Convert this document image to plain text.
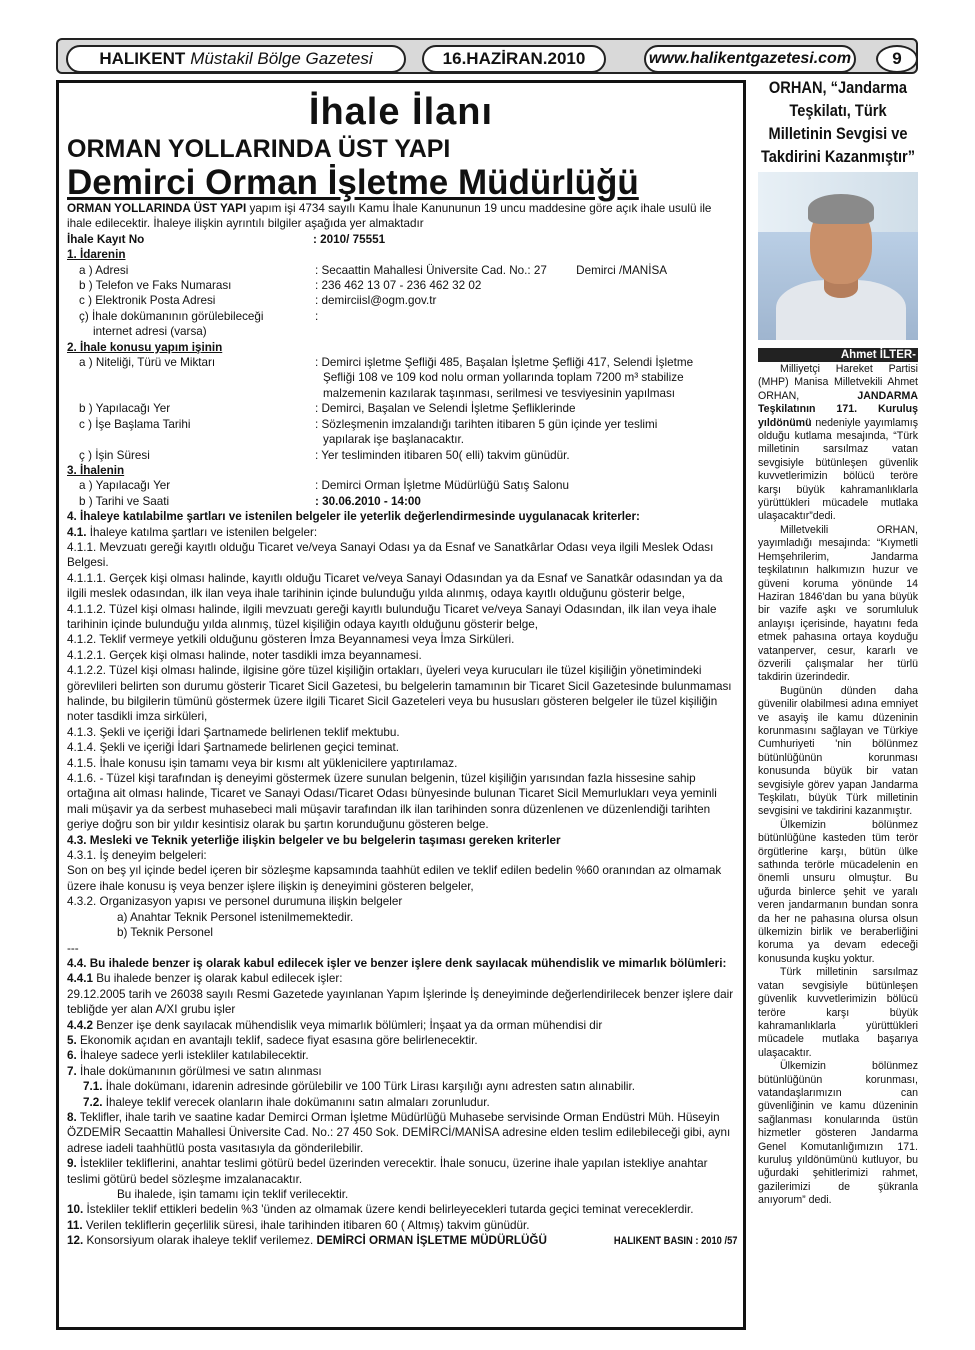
HALIKENT Müstakil Bölge Gazetesi	16.HAZİRAN.2010	www.halikentgazetesi.com	9
İhale İlanı
ORMAN YOLLARINDA ÜST YAPI
Demirci Orman İşletme Müdürlüğü

ORMAN YOLLARINDA ÜST YAPI yapım işi 4734 sayılı Kamu İhale Kanununun 19 uncu maddesine göre açık ihale usulü ile ihale edilecektir. İhaleye ilişkin ayrıntılı bilgiler aşağıda yer almaktadır

İhale Kayıt No	: 2010/ 75551
1. İdarenin
a ) Adresi	: Secaattin Mahallesi Üniversite Cad. No.: 27         Demirci /MANİSA
b ) Telefon ve Faks Numarası	: 236 462 13 07 - 236 462 32 02
c ) Elektronik Posta Adresi	: demirciisl@ogm.gov.tr
ç) İhale dokümanının görülebileceği	:
internet adresi (varsa)
2. İhale konusu yapım işinin
a ) Niteliği, Türü ve Miktarı	: Demirci işletme Şefliği 485, Başalan İşletme Şefliği 417, Selendi İşletme
Şefliği 108 ve 109 kod nolu orman yollarında toplam 7200 m³ stabilize
malzemenin kazılarak taşınması, serilmesi ve tesviyesinin yapılması
b ) Yapılacağı Yer	: Demirci, Başalan ve Selendi İşletme Şefliklerinde
c ) İşe Başlama Tarihi	: Sözleşmenin imzalandığı tarihten itibaren 5 gün içinde yer teslimi
yapılarak işe başlanacaktır.
ç ) İşin Süresi	: Yer tesliminden itibaren 50( elli) takvim günüdür.
3. İhalenin
a ) Yapılacağı Yer	: Demirci Orman İşletme Müdürlüğü Satış Salonu
b ) Tarihi ve Saati	: 30.06.2010 - 14:00
4. İhaleye katılabilme şartları ve istenilen belgeler ile yeterlik değerlendirmesinde uygulanacak kriterler:

4.1. İhaleye katılma şartları ve istenilen belgeler:

4.1.1. Mevzuatı gereği kayıtlı olduğu Ticaret ve/veya Sanayi Odası ya da Esnaf ve Sanatkârlar Odası veya ilgili Meslek Odası Belgesi.

4.1.1.1. Gerçek kişi olması halinde, kayıtlı olduğu Ticaret ve/veya Sanayi Odasından ya da Esnaf ve Sanatkâr odasından ya da ilgili meslek odasından, ilk ilan veya ihale tarihinin içinde bulunduğu yılda alınmış, odaya kayıtlı olduğunu gösterir belge,

4.1.1.2. Tüzel kişi olması halinde, ilgili mevzuatı gereği kayıtlı bulunduğu Ticaret ve/veya Sanayi Odasından, ilk ilan veya ihale tarihinin içinde bulunduğu yılda alınmış, tüzel kişiliğin odaya kayıtlı olduğunu gösterir belge,

4.1.2. Teklif vermeye yetkili olduğunu gösteren İmza Beyannamesi veya İmza Sirküleri.

4.1.2.1. Gerçek kişi olması halinde, noter tasdikli imza beyannamesi.

4.1.2.2. Tüzel kişi olması halinde, ilgisine göre tüzel kişiliğin ortakları, üyeleri veya kurucuları ile tüzel kişiliğin yönetimindeki görevlileri belirten son durumu gösterir Ticaret Sicil Gazetesi, bu belgelerin tamamının bir Ticaret Sicil Gazetesinde bulunmaması halinde, bu bilgilerin tümünü göstermek üzere ilgili Ticaret Sicil Gazeteleri veya bu hususları gösteren belgeler ile tüzel kişiliğin noter tasdikli imza sirküleri,

4.1.3. Şekli ve içeriği İdari Şartnamede belirlenen teklif mektubu.

4.1.4. Şekli ve içeriği İdari Şartnamede belirlenen geçici teminat.

4.1.5. İhale konusu işin tamamı veya bir kısmı alt yüklenicilere yaptırılamaz.

4.1.6. - Tüzel kişi tarafından iş deneyimi göstermek üzere sunulan belgenin, tüzel kişiliğin yarısından fazla hissesine sahip ortağına ait olması halinde, Ticaret ve Sanayi Odası/Ticaret Odası bünyesinde bulunan Ticaret Sicil Memurlukları veya yeminli mali müşavir ya da serbest muhasebeci mali müşavir tarafından ilk ilan tarihinden sonra düzenlenen ve düzenlendiği tarihten geriye doğru son bir yıldır kesintisiz olarak bu şartın korunduğunu gösteren belge.

4.3. Mesleki ve Teknik yeterliğe ilişkin belgeler ve bu belgelerin taşıması gereken kriterler

4.3.1. İş deneyim belgeleri:

Son on beş yıl içinde bedel içeren bir sözleşme kapsamında taahhüt edilen ve teklif edilen bedelin %60 oranından az olmamak üzere ihale konusu iş veya benzer işlere ilişkin iş deneyimini gösteren belgeler,

4.3.2. Organizasyon yapısı ve personel durumuna ilişkin belgeler

a) Anahtar Teknik Personel istenilmemektedir.

b) Teknik Personel

---

4.4. Bu ihalede benzer iş olarak kabul edilecek işler ve benzer işlere denk sayılacak mühendislik ve mimarlık bölümleri:

4.4.1 Bu ihalede benzer iş olarak kabul edilecek işler:

29.12.2005 tarih ve 26038 sayılı Resmi Gazetede yayınlanan Yapım İşlerinde İş deneyiminde değerlendirilecek benzer işlere dair tebliğde yer alan A/XI grubu işler

4.4.2 Benzer işe denk sayılacak mühendislik veya mimarlık bölümleri; İnşaat ya da orman mühendisi dir

5. Ekonomik açıdan en avantajlı teklif, sadece fiyat esasına göre belirlenecektir.

6. İhaleye sadece yerli istekliler katılabilecektir.

7. İhale dokümanının görülmesi ve satın alınması

7.1. İhale dokümanı, idarenin adresinde görülebilir ve 100 Türk Lirası karşılığı aynı adresten satın alınabilir.

7.2. İhaleye teklif verecek olanların ihale dokümanını satın almaları zorunludur.

8. Teklifler, ihale tarih ve saatine kadar Demirci Orman İşletme Müdürlüğü Muhasebe servisinde Orman Endüstri Müh. Hüseyin ÖZDEMİR Secaattin Mahallesi Üniversite Cad. No.: 27 450 Sok. DEMİRCİ/MANİSA adresine elden teslim edilebileceği gibi, aynı adrese iadeli taahhütlü posta vasıtasıyla da gönderilebilir.

9. İstekliler tekliflerini, anahtar teslimi götürü bedel üzerinden verecektir. İhale sonucu, üzerine ihale yapılan istekliye anahtar teslimi götürü bedel sözleşme imzalanacaktır.

Bu ihalede, işin tamamı için teklif verilecektir.

10. İstekliler teklif ettikleri bedelin %3 'ünden az olmamak üzere kendi belirleyecekleri tutarda geçici teminat vereceklerdir.

11. Verilen tekliflerin geçerlilik süresi, ihale tarihinden itibaren 60 ( Altmış) takvim günüdür.

12. Konsorsiyum olarak ihaleye teklif verilemez. DEMİRCİ ORMAN İŞLETME MÜDÜRLÜĞÜ	HALIKENT BASIN : 2010 /57
ORHAN, “Jandarma Teşkilatı, Türk Milletinin Sevgisi ve Takdirini Kazanmıştır”
Ahmet İLTER-

Milliyetçi Hareket Partisi (MHP) Manisa Milletvekili Ahmet ORHAN, JANDARMA Teşkilatının 171. Kuruluş yıldönümü nedeniyle yayımlamış olduğu kutlama mesajında, “Türk milletinin sarsılmaz vatan sevgisiyle bütünleşen güvenlik kuvvetlerimizin bölücü teröre karşı büyük kahramanlıklarla yürüttükleri mücadele mutlaka ulaşacaktır”dedi.

Milletvekili ORHAN, yayımladığı mesajında: “Kıymetli Hemşehrilerim, Jandarma teşkilatının halkımızın huzur ve güveni koruma yönünde 14 Haziran 1846'dan bu yana büyük bir vazife aşkı ve sorumluluk anlayışı içerisinde, hayatını feda etmek pahasına ortaya koyduğu vatanperver, cesur, kararlı ve özverili çalışmalar her türlü takdirin üzerindedir.

Bugünün dünden daha güvenilir olabilmesi adına emniyet ve asayiş ile kamu düzeninin korunmasını sağlayan ve Türkiye Cumhuriyeti 'nin bölünmez bütünlüğünün korunması konusunda büyük bir vatan sevgisiyle görev yapan Jandarma Teşkilatı, büyük Türk milletinin sevgisini ve takdirini kazanmıştır.

Ülkemizin bölünmez bütünlüğüne kasteden tüm terör örgütlerine karşı, bütün ülke sathında terörle mücadelenin en önemli unsuru olmuştur. Bu uğurda binlerce şehit ve yaralı veren jandarmanın bundan sonra da her ne pahasına olursa olsun ülkemizin birlik ve beraberliğini koruma ya devam edeceği konusunda kuşku yoktur.

Türk milletinin sarsılmaz vatan sevgisiyle bütünleşen güvenlik kuvvetlerimizin bölücü teröre karşı büyük kahramanlıklarla yürüttükleri mücadele mutlaka başarıya ulaşacaktır.

Ülkemizin bölünmez bütünlüğünün korunması, vatandaşlarımızın can güvenliğinin ve kamu düzeninin sağlanması konularında üstün hizmetler gösteren Jandarma Genel Komutanlığımızın 171. kuruluş yıldönümünü kutluyor, bu uğurdaki şehitlerimizi rahmet, gazilerimizi de şükranla anıyorum” dedi.
